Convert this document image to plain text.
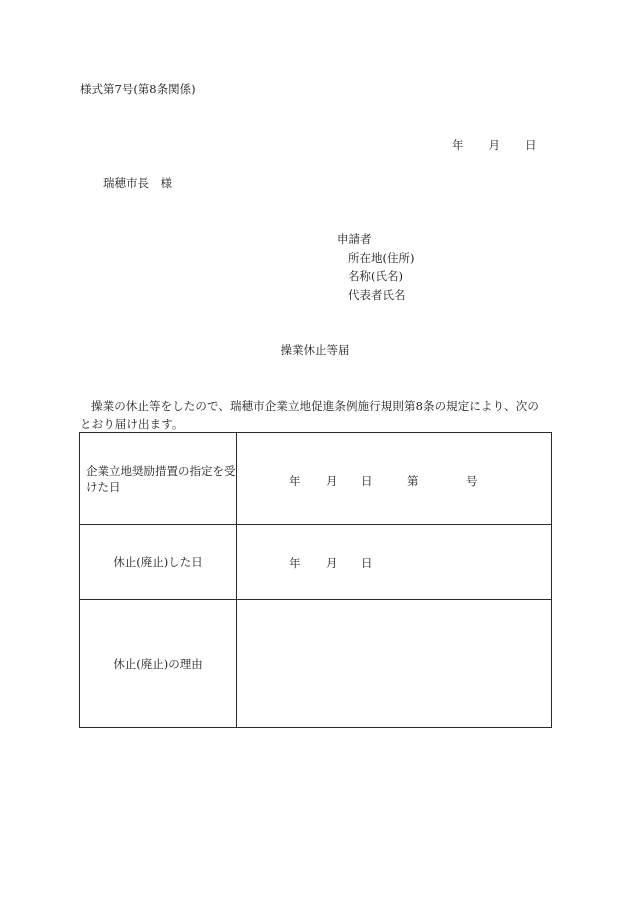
様式第7号(第8条関係)
年 月 日
瑞穂市長　様
申請者
所在地(住所)
名称(氏名)
代表者氏名
操業休止等届
操業の休止等をしたので、瑞穂市企業立地促進条例施行規則第8条の規定により、次のとおり届け出ます。
企業立地奨励措置の指定を受けた日	年 月 日 第 号

休止(廃止)した日	年 月 日

休止(廃止)の理由	
